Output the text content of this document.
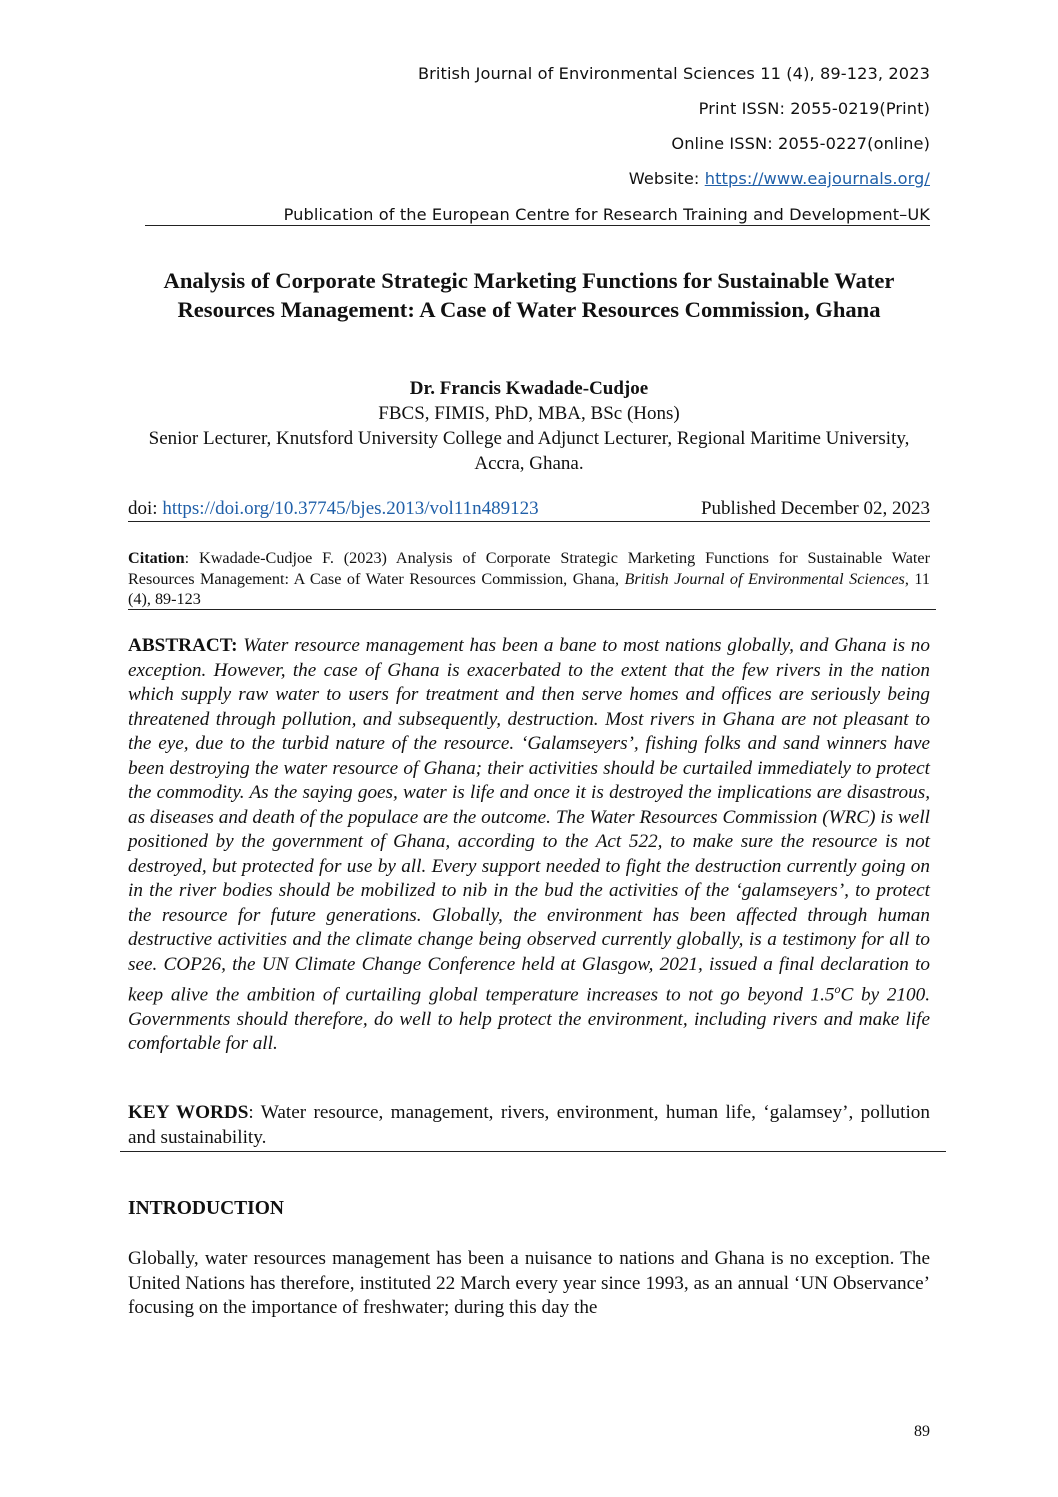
British Journal of Environmental Sciences 11 (4), 89-123, 2023
Print ISSN: 2055-0219(Print)
Online ISSN: 2055-0227(online)
Website: https://www.eajournals.org/
Publication of the European Centre for Research Training and Development–UK
Analysis of Corporate Strategic Marketing Functions for Sustainable Water Resources Management: A Case of Water Resources Commission, Ghana
Dr. Francis Kwadade-Cudjoe
FBCS, FIMIS, PhD, MBA, BSc (Hons)
Senior Lecturer, Knutsford University College and Adjunct Lecturer, Regional Maritime University, Accra, Ghana.
doi: https://doi.org/10.37745/bjes.2013/vol11n489123	Published December 02, 2023
Citation: Kwadade-Cudjoe F. (2023) Analysis of Corporate Strategic Marketing Functions for Sustainable Water Resources Management: A Case of Water Resources Commission, Ghana, British Journal of Environmental Sciences, 11 (4), 89-123
ABSTRACT: Water resource management has been a bane to most nations globally, and Ghana is no exception. However, the case of Ghana is exacerbated to the extent that the few rivers in the nation which supply raw water to users for treatment and then serve homes and offices are seriously being threatened through pollution, and subsequently, destruction. Most rivers in Ghana are not pleasant to the eye, due to the turbid nature of the resource. ‘Galamseyers’, fishing folks and sand winners have been destroying the water resource of Ghana; their activities should be curtailed immediately to protect the commodity. As the saying goes, water is life and once it is destroyed the implications are disastrous, as diseases and death of the populace are the outcome. The Water Resources Commission (WRC) is well positioned by the government of Ghana, according to the Act 522, to make sure the resource is not destroyed, but protected for use by all. Every support needed to fight the destruction currently going on in the river bodies should be mobilized to nib in the bud the activities of the ‘galamseyers’, to protect the resource for future generations. Globally, the environment has been affected through human destructive activities and the climate change being observed currently globally, is a testimony for all to see. COP26, the UN Climate Change Conference held at Glasgow, 2021, issued a final declaration to keep alive the ambition of curtailing global temperature increases to not go beyond 1.5$^o$C by 2100. Governments should therefore, do well to help protect the environment, including rivers and make life comfortable for all.
KEY WORDS: Water resource, management, rivers, environment, human life, ‘galamsey’, pollution and sustainability.
INTRODUCTION
Globally, water resources management has been a nuisance to nations and Ghana is no exception. The United Nations has therefore, instituted 22 March every year since 1993, as an annual ‘UN Observance’ focusing on the importance of freshwater; during this day the
89
